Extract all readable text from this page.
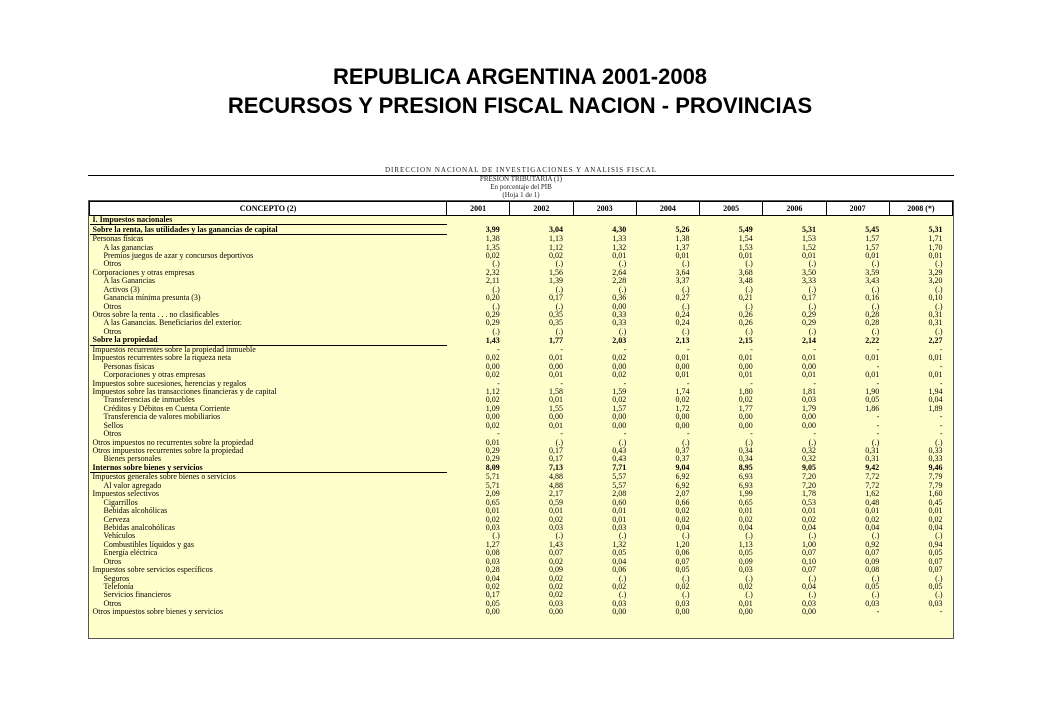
REPUBLICA ARGENTINA 2001-2008
RECURSOS Y PRESION FISCAL NACION - PROVINCIAS
DIRECCION NACIONAL DE INVESTIGACIONES Y ANALISIS FISCAL
PRESION TRIBUTARIA (1)
En porcentaje del PIB
(Hoja 1 de 1)
CONCEPTO (2)	2001	2002	2003	2004	2005	2006	2007	2008 (*)
I. Impuestos nacionales								
Sobre la renta, las utilidades y las ganancias de capital	3,99	3,04	4,30	5,26	5,49	5,31	5,45	5,31
Personas físicas	1,38	1,13	1,33	1,38	1,54	1,53	1,57	1,71
A las ganancias	1,35	1,12	1,32	1,37	1,53	1,52	1,57	1,70
Premios juegos de azar y concursos deportivos	0,02	0,02	0,01	0,01	0,01	0,01	0,01	0,01
Otros	(.)	(.)	(.)	(.)	(.)	(.)	(.)	(.)
Corporaciones y otras empresas	2,32	1,56	2,64	3,64	3,68	3,50	3,59	3,29
A las Ganancias	2,11	1,39	2,28	3,37	3,48	3,33	3,43	3,20
Activos (3)	(.)	(.)	(.)	(.)	(.)	(.)	(.)	(.)
Ganancia mínima presunta (3)	0,20	0,17	0,36	0,27	0,21	0,17	0,16	0,10
Otros	(.)	(.)	0,00	(.)	(.)	(.)	(.)	(.)
Otros sobre la renta . . . no clasificables	0,29	0,35	0,33	0,24	0,26	0,29	0,28	0,31
A las Ganancias. Beneficiarios del exterior.	0,29	0,35	0,33	0,24	0,26	0,29	0,28	0,31
Otros	(.)	(.)	(.)	(.)	(.)	(.)	(.)	(.)
Sobre la propiedad	1,43	1,77	2,03	2,13	2,15	2,14	2,22	2,27
Impuestos recurrentes sobre la propiedad inmueble	-	-	-	-	-	-	-	-
Impuestos recurrentes sobre la riqueza neta	0,02	0,01	0,02	0,01	0,01	0,01	0,01	0,01
Personas físicas	0,00	0,00	0,00	0,00	0,00	0,00	-	-
Corporaciones y otras empresas	0,02	0,01	0,02	0,01	0,01	0,01	0,01	0,01
Impuestos sobre sucesiones, herencias y regalos	-	-	-	-	-	-	-	-
Impuestos sobre las transacciones financieras y de capital	1,12	1,58	1,59	1,74	1,80	1,81	1,90	1,94
Transferencias de inmuebles	0,02	0,01	0,02	0,02	0,02	0,03	0,05	0,04
Créditos y Débitos en Cuenta Corriente	1,09	1,55	1,57	1,72	1,77	1,79	1,86	1,89
Transferencia de valores mobiliarios	0,00	0,00	0,00	0,00	0,00	0,00	-	-
Sellos	0,02	0,01	0,00	0,00	0,00	0,00	-	-
Otros	-	-	-	-	-	-	-	-
Otros impuestos no recurrentes sobre la propiedad	0,01	(.)	(.)	(.)	(.)	(.)	(.)	(.)
Otros impuestos recurrentes sobre la propiedad	0,29	0,17	0,43	0,37	0,34	0,32	0,31	0,33
Bienes personales	0,29	0,17	0,43	0,37	0,34	0,32	0,31	0,33
Internos sobre bienes y servicios	8,09	7,13	7,71	9,04	8,95	9,05	9,42	9,46
Impuestos generales sobre bienes o servicios	5,71	4,88	5,57	6,92	6,93	7,20	7,72	7,79
Al valor agregado	5,71	4,88	5,57	6,92	6,93	7,20	7,72	7,79
Impuestos selectivos	2,09	2,17	2,08	2,07	1,99	1,78	1,62	1,60
Cigarrillos	0,65	0,59	0,60	0,66	0,65	0,53	0,48	0,45
Bebidas alcohólicas	0,01	0,01	0,01	0,02	0,01	0,01	0,01	0,01
Cerveza	0,02	0,02	0,01	0,02	0,02	0,02	0,02	0,02
Bebidas analcohólicas	0,03	0,03	0,03	0,04	0,04	0,04	0,04	0,04
Vehículos	(.)	(.)	(.)	(.)	(.)	(.)	(.)	(.)
Combustibles líquidos y gas	1,27	1,43	1,32	1,20	1,13	1,00	0,92	0,94
Energía eléctrica	0,08	0,07	0,05	0,06	0,05	0,07	0,07	0,05
Otros	0,03	0,02	0,04	0,07	0,09	0,10	0,09	0,07
Impuestos sobre servicios específicos	0,28	0,09	0,06	0,05	0,03	0,07	0,08	0,07
Seguros	0,04	0,02	(.)	(.)	(.)	(.)	(.)	(.)
Telefonía	0,02	0,02	0,02	0,02	0,02	0,04	0,05	0,05
Servicios financieros	0,17	0,02	(.)	(.)	(.)	(.)	(.)	(.)
Otros	0,05	0,03	0,03	0,03	0,01	0,03	0,03	0,03
Otros impuestos sobre bienes y servicios	0,00	0,00	0,00	0,00	0,00	0,00	-	-
